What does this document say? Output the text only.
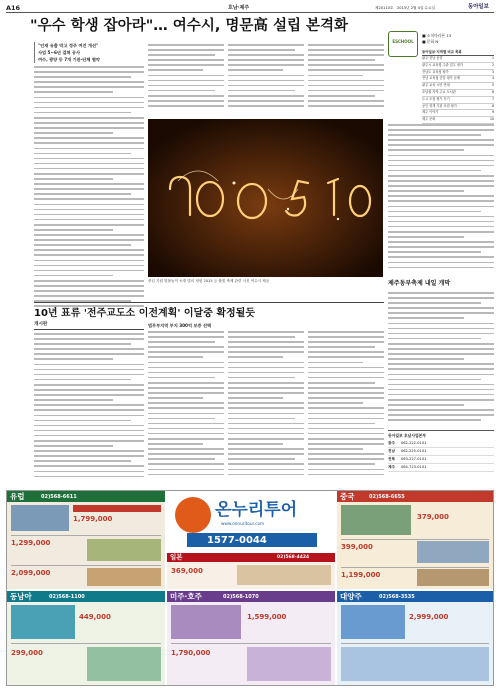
A16	호남·제주	제20110호 2015년 2월 4일 수요일	동아일보
"우수 학생 잡아라"… 여수시, 명문高 설립 본격화
"인재 유출 막고 정주 여건 개선"
사업 5~6년 걸쳐 공사
여수, 광양 등 7개 기관·단체 협약
개시판
중년 기원 빛불놀이 소재 빛의 정원 2015 등 불빛 축제 관련 사진 여수시 제공
ESCHOOL
■ 소치마라톤 13
■ 문화 N
동아일보·지역별 비교 목록
광주·전남 동향	1
광주시 교육청 주관 업무 평가	2
전남도 교육청 평가	3
전남 교육청 중앙 평가 문제	4
광주 교육 시민 연대	5
호남권 지역 주요 도서관	6
도시 모집 평가 후기	7
공인 정책 기관 모집 평가	8
제주 이야기	9
제주 문화	10
제주동부축제 내일 개막
동아일보 호남사업본부
광주 062-222-0101
전남 062-225-0101
전북 063-227-0101
제주 064-723-0101
10년 표류 '전주교도소 이전계획' 이달중 확정될듯
법무부지역 부지 300억 보증 선택
유럽	02)568-6611
1,799,000
1,299,000
2,099,000
온누리투어
www.onnuritour.com
1577-0044
일본	02)568-4424
369,000
중국	02)568-6655
379,000
399,000
1,199,000
동남아	02)568-1100
449,000
299,000
미주·호주	02)568-1070
1,599,000
1,790,000
대양주	02)568-3535
2,999,000
